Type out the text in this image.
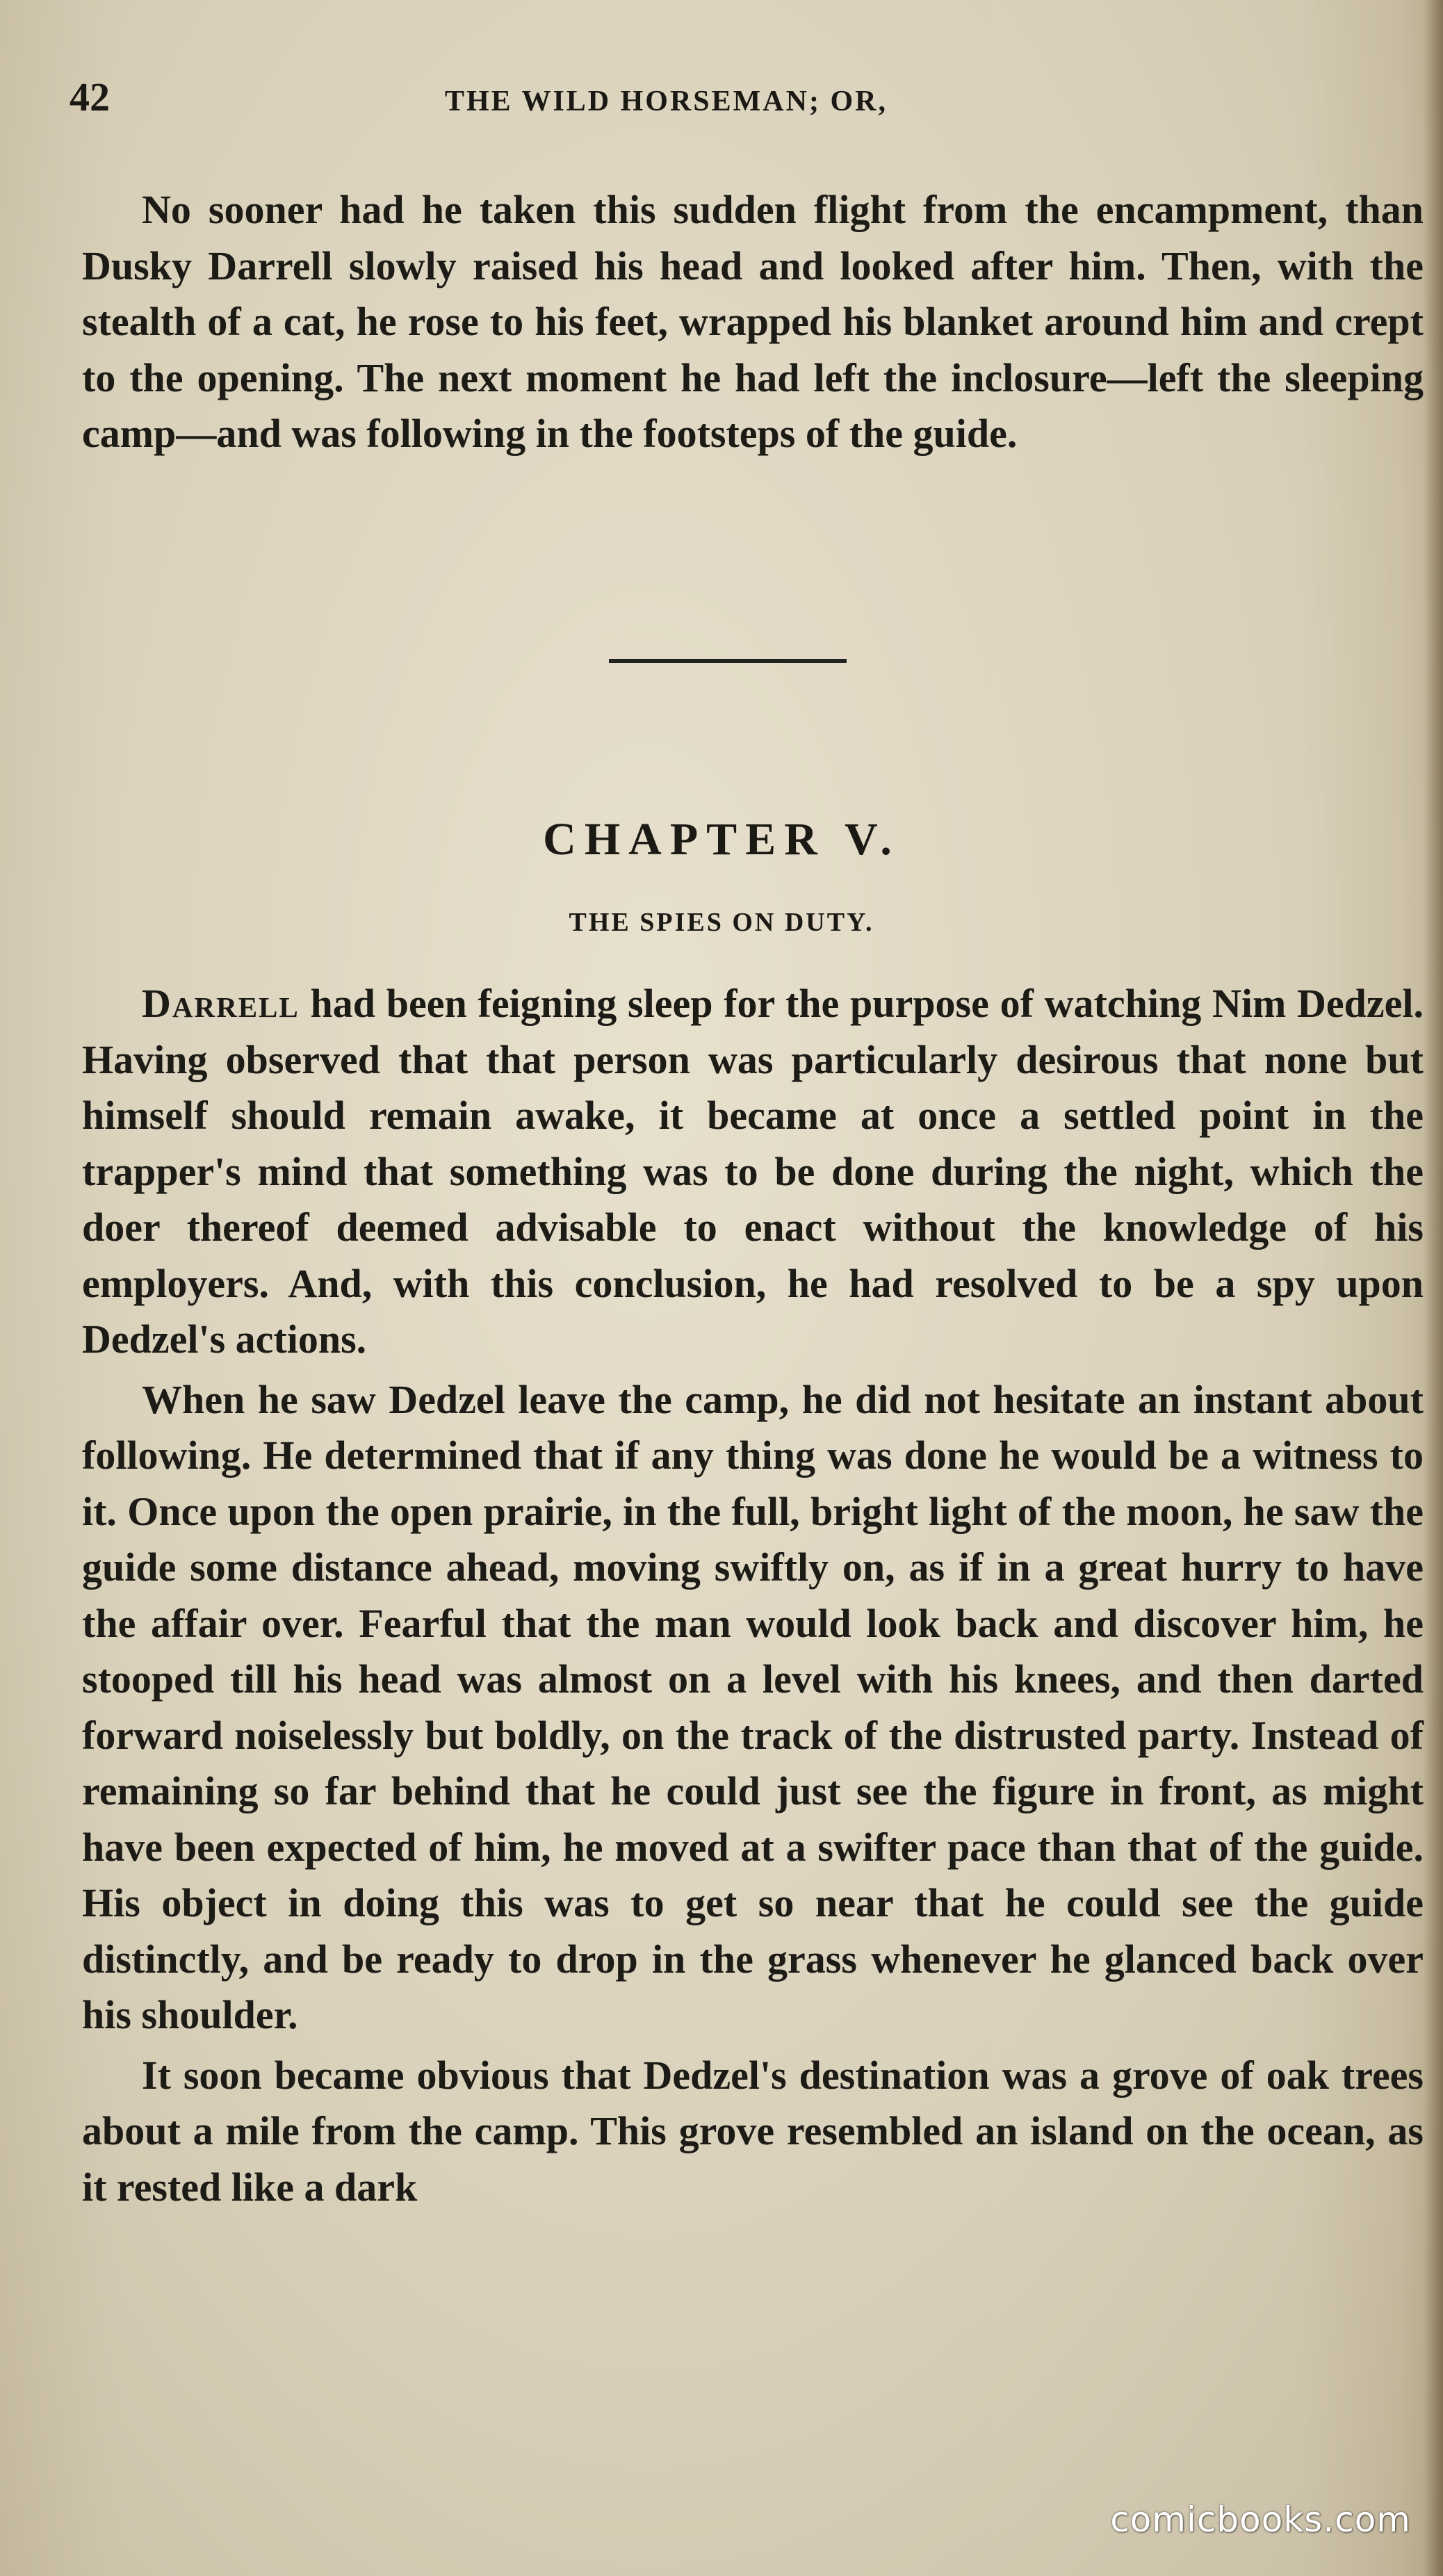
42	THE WILD HORSEMAN; OR,

No sooner had he taken this sudden flight from the encampment, than Dusky Darrell slowly raised his head and looked after him. Then, with the stealth of a cat, he rose to his feet, wrapped his blanket around him and crept to the opening. The next moment he had left the inclosure—left the sleeping camp—and was following in the footsteps of the guide.

CHAPTER V.
THE SPIES ON DUTY.

Darrell had been feigning sleep for the purpose of watching Nim Dedzel. Having observed that that person was particularly desirous that none but himself should remain awake, it became at once a settled point in the trapper's mind that something was to be done during the night, which the doer thereof deemed advisable to enact without the knowledge of his employers. And, with this conclusion, he had resolved to be a spy upon Dedzel's actions.

When he saw Dedzel leave the camp, he did not hesitate an instant about following. He determined that if any thing was done he would be a witness to it. Once upon the open prairie, in the full, bright light of the moon, he saw the guide some distance ahead, moving swiftly on, as if in a great hurry to have the affair over. Fearful that the man would look back and discover him, he stooped till his head was almost on a level with his knees, and then darted forward noiselessly but boldly, on the track of the distrusted party. Instead of remaining so far behind that he could just see the figure in front, as might have been expected of him, he moved at a swifter pace than that of the guide. His object in doing this was to get so near that he could see the guide distinctly, and be ready to drop in the grass whenever he glanced back over his shoulder.

It soon became obvious that Dedzel's destination was a grove of oak trees about a mile from the camp. This grove resembled an island on the ocean, as it rested like a dark

comicbooks.com
